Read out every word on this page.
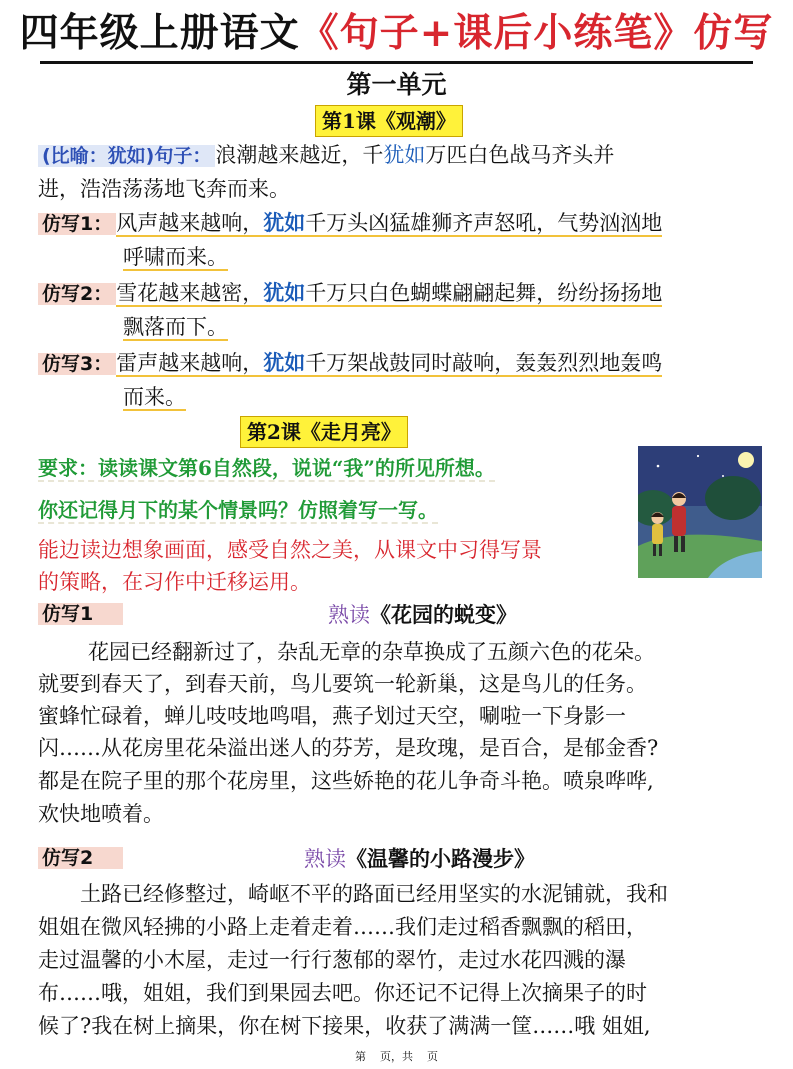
四年级上册语文《句子+课后小练笔》仿写
第一单元
第1课《观潮》
(比喻：犹如)句子： 浪潮越来越近，千犹如万匹白色战马齐头并
进，浩浩荡荡地飞奔而来。
仿写1： 风声越来越响，犹如千万头凶猛雄狮齐声怒吼，气势汹汹地
呼啸而来。
仿写2： 雪花越来越密，犹如千万只白色蝴蝶翩翩起舞，纷纷扬扬地
飘落而下。
仿写3： 雷声越来越响，犹如千万架战鼓同时敲响，轰轰烈烈地轰鸣
而来。
第2课《走月亮》
要求：读读课文第6自然段，说说“我”的所见所想。
你还记得月下的某个情景吗？仿照着写一写。
能边读边想象画面，感受自然之美，从课文中习得写景
的策略，在习作中迁移运用。
仿写1	熟读《花园的蜕变》
花园已经翻新过了，杂乱无章的杂草换成了五颜六色的花朵。
就要到春天了，到春天前，鸟儿要筑一轮新巢，这是鸟儿的任务。
蜜蜂忙碌着，蝉儿吱吱地鸣唱，燕子划过天空，唰啦一下身影一
闪……从花房里花朵溢出迷人的芬芳，是玫瑰，是百合，是郁金香?
都是在院子里的那个花房里，这些娇艳的花儿争奇斗艳。喷泉哗哗,
欢快地喷着。
仿写2	熟读《温馨的小路漫步》
土路已经修整过，崎岖不平的路面已经用坚实的水泥铺就，我和
姐姐在微风轻拂的小路上走着走着……我们走过稻香飘飘的稻田，
走过温馨的小木屋，走过一行行葱郁的翠竹，走过水花四溅的瀑
布……哦，姐姐，我们到果园去吧。你还记不记得上次摘果子的时
候了?我在树上摘果，你在树下接果，收获了满满一筐……哦 姐姐,
第    页，共    页
